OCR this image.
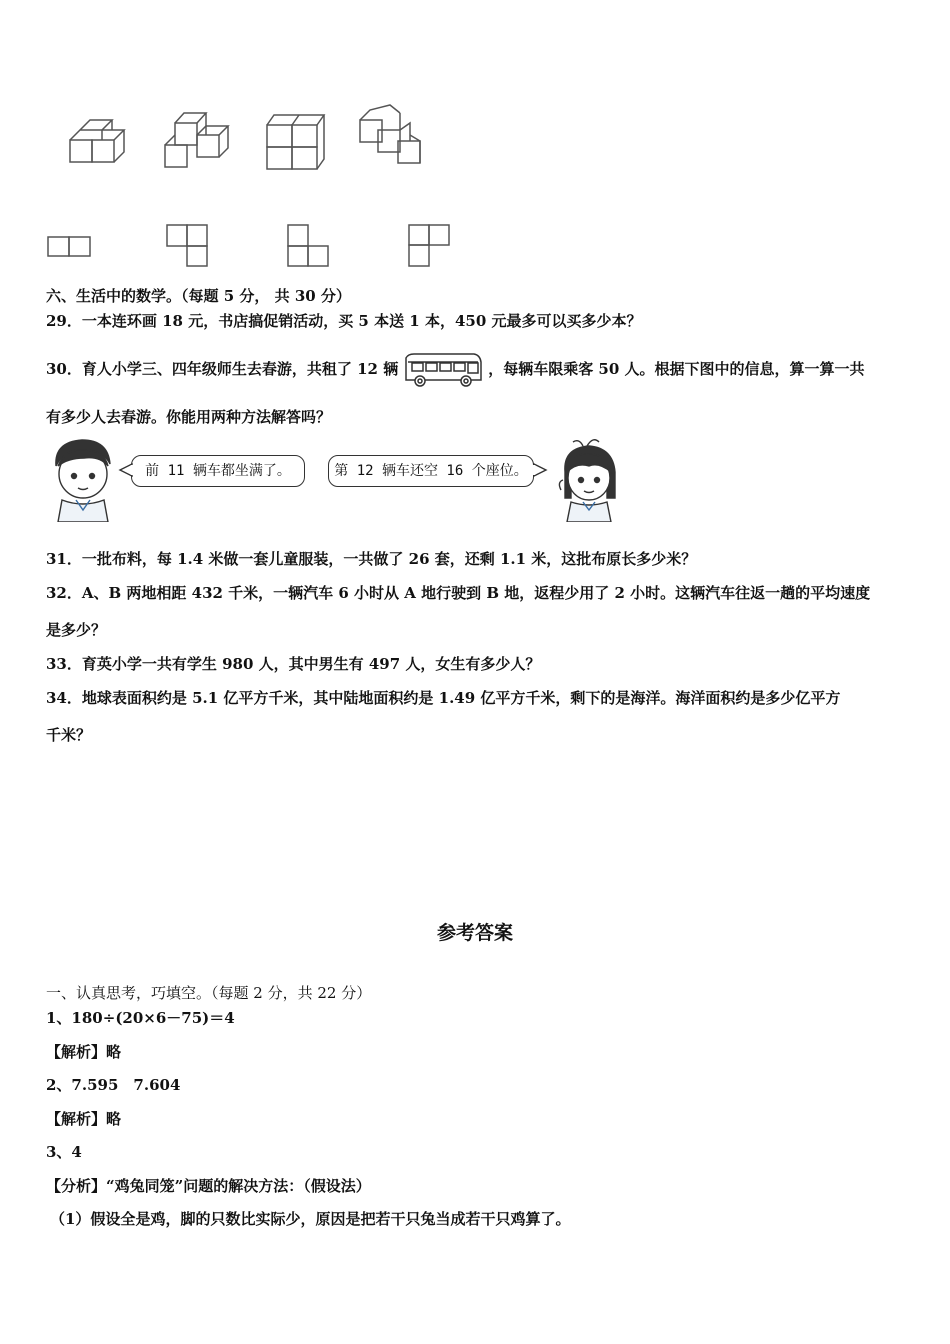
六、生活中的数学。（每题 5 分， 共 30 分）
29．一本连环画 18 元，书店搞促销活动，买 5 本送 1 本，450 元最多可以买多少本？
30．育人小学三、四年级师生去春游，共租了 12 辆	，每辆车限乘客 50 人。根据下图中的信息，算一算一共
有多少人去春游。你能用两种方法解答吗？
前 11 辆车都坐满了。	第 12 辆车还空 16 个座位。
31．一批布料，每 1.4 米做一套儿童服装，一共做了 26 套，还剩 1.1 米，这批布原长多少米？
32．A、B 两地相距 432 千米，一辆汽车 6 小时从 A 地行驶到 B 地，返程少用了 2 小时。这辆汽车往返一趟的平均速度
是多少？
33．育英小学一共有学生 980 人，其中男生有 497 人，女生有多少人？
34．地球表面积约是 5.1 亿平方千米，其中陆地面积约是 1.49 亿平方千米，剩下的是海洋。海洋面积约是多少亿平方
千米？
参考答案
一、认真思考，巧填空。（每题 2 分，共 22 分）
1、180÷(20×6－75)＝4
【解析】略
2、7.595　7.604
【解析】略
3、4
【分析】“鸡兔同笼”问题的解决方法：（假设法）
（1）假设全是鸡，脚的只数比实际少，原因是把若干只兔当成若干只鸡算了。
